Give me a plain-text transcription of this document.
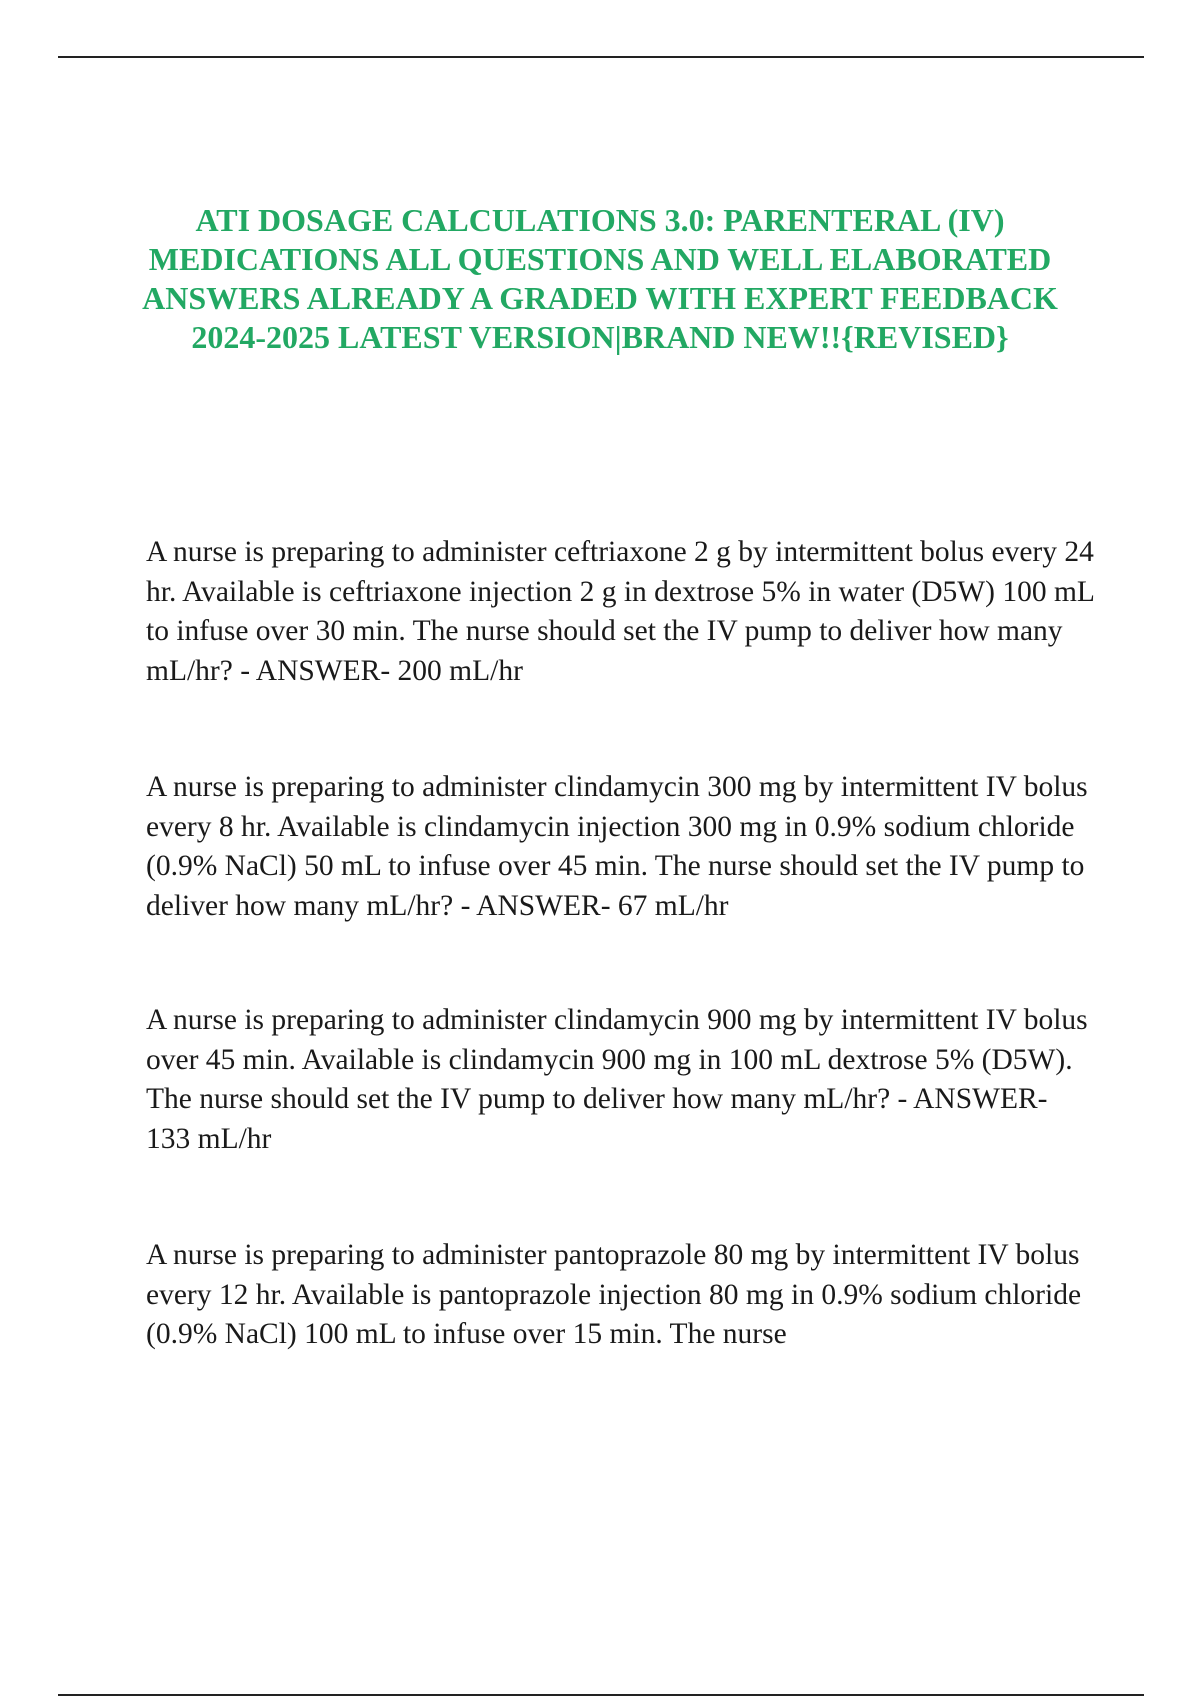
ATI DOSAGE CALCULATIONS 3.0: PARENTERAL (IV) MEDICATIONS ALL QUESTIONS AND WELL ELABORATED ANSWERS ALREADY A GRADED WITH EXPERT FEEDBACK 2024-2025 LATEST VERSION|BRAND NEW!!{REVISED}

A nurse is preparing to administer ceftriaxone 2 g by intermittent bolus every 24 hr. Available is ceftriaxone injection 2 g in dextrose 5% in water (D5W) 100 mL to infuse over 30 min. The nurse should set the IV pump to deliver how many mL/hr? - ANSWER- 200 mL/hr

A nurse is preparing to administer clindamycin 300 mg by intermittent IV bolus every 8 hr. Available is clindamycin injection 300 mg in 0.9% sodium chloride (0.9% NaCl) 50 mL to infuse over 45 min. The nurse should set the IV pump to deliver how many mL/hr? - ANSWER- 67 mL/hr

A nurse is preparing to administer clindamycin 900 mg by intermittent IV bolus over 45 min. Available is clindamycin 900 mg in 100 mL dextrose 5% (D5W). The nurse should set the IV pump to deliver how many mL/hr? - ANSWER- 133 mL/hr

A nurse is preparing to administer pantoprazole 80 mg by intermittent IV bolus every 12 hr. Available is pantoprazole injection 80 mg in 0.9% sodium chloride (0.9% NaCl) 100 mL to infuse over 15 min. The nurse
